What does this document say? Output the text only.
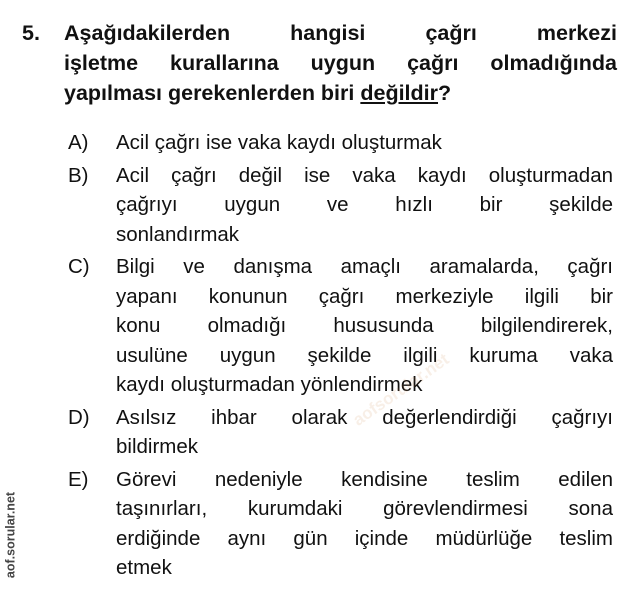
5. Aşağıdakilerden hangisi çağrı merkezi
işletme kurallarına uygun çağrı olmadığında
yapılması gerekenlerden biri değildir?
A)	Acil çağrı ise vaka kaydı oluşturmak
B)	Acil çağrı değil ise vaka kaydı oluşturmadan
çağrıyı uygun ve hızlı bir şekilde
sonlandırmak
C)	Bilgi ve danışma amaçlı aramalarda, çağrı
yapanı konunun çağrı merkeziyle ilgili bir
konu olmadığı hususunda bilgilendirerek,
usulüne uygun şekilde ilgili kuruma vaka
kaydı oluşturmadan yönlendirmek
D)	Asılsız ihbar olarak değerlendirdiği çağrıyı
bildirmek
E)	Görevi nedeniyle kendisine teslim edilen
taşınırları, kurumdaki görevlendirmesi sona
erdiğinde aynı gün içinde müdürlüğe teslim
etmek
aofsorular.net
aof.sorular.net
